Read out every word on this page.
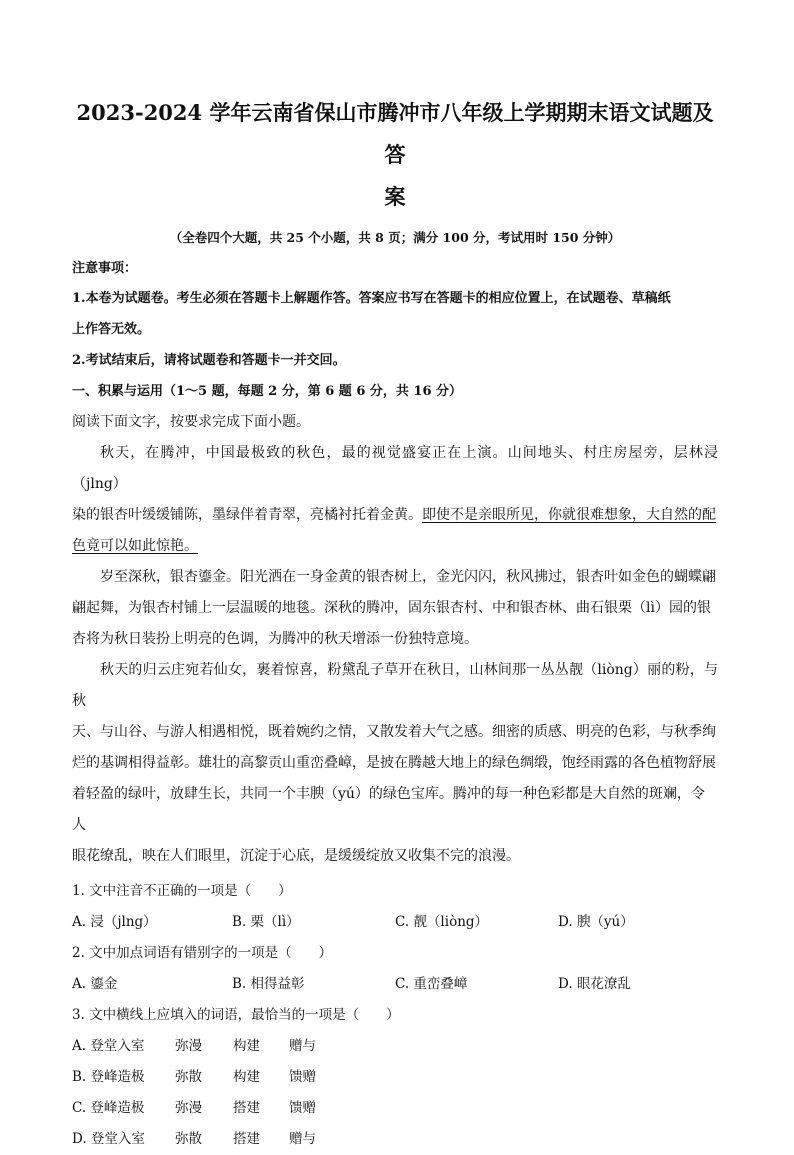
2023-2024 学年云南省保山市腾冲市八年级上学期期末语文试题及答
案

（全卷四个大题，共 25 个小题，共 8 页；满分 100 分，考试用时 150 分钟）

注意事项：

1.本卷为试题卷。考生必须在答题卡上解题作答。答案应书写在答题卡的相应位置上，在试题卷、草稿纸

上作答无效。

2.考试结束后，请将试题卷和答题卡一并交回。

一、积累与运用（1～5 题，每题 2 分，第 6 题 6 分，共 16 分）

阅读下面文字，按要求完成下面小题。

秋天，在腾冲，中国最极致的秋色，最的视觉盛宴正在上演。山间地头、村庄房屋旁，层林浸（jlng）

染的银杏叶缓缓铺陈，墨绿伴着青翠，亮橘衬托着金黄。即使不是亲眼所见，你就很难想象，大自然的配

色竟可以如此惊艳。

岁至深秋，银杏鎏金。阳光洒在一身金黄的银杏树上，金光闪闪，秋风拂过，银杏叶如金色的蝴蝶翩

翩起舞，为银杏村铺上一层温暖的地毯。深秋的腾冲，固东银杏村、中和银杏林、曲石银栗（lì）园的银

杏将为秋日装扮上明亮的色调，为腾冲的秋天增添一份独特意境。

秋天的归云庄宛若仙女，裹着惊喜，粉黛乱子草开在秋日，山林间那一丛丛靓（liòng）丽的粉，与秋

天、与山谷、与游人相遇相悦，既着婉约之情，又散发着大气之感。细密的质感、明亮的色彩，与秋季绚

烂的基调相得益彰。雄壮的高黎贡山重峦叠嶂，是披在腾越大地上的绿色绸缎，饱经雨露的各色植物舒展

着轻盈的绿叶，放肆生长，共同一个丰腴（yú）的绿色宝库。腾冲的每一种色彩都是大自然的斑斓，令人

眼花缭乱，映在人们眼里，沉淀于心底，是缓缓绽放又收集不完的浪漫。

1. 文中注音不正确的一项是（　　）

A. 浸（jlng）	B. 栗（lì）	C. 靓（liòng）	D. 腴（yú）

2. 文中加点词语有错别字的一项是（　　）

A. 鎏金	B. 相得益彰	C. 重峦叠嶂	D. 眼花潦乱

3. 文中横线上应填入的词语，最恰当的一项是（　　）

A. 登堂入室	弥漫	构建	赠与
B. 登峰造极	弥散	构建	馈赠
C. 登峰造极	弥漫	搭建	馈赠
D. 登堂入室	弥散	搭建	赠与
